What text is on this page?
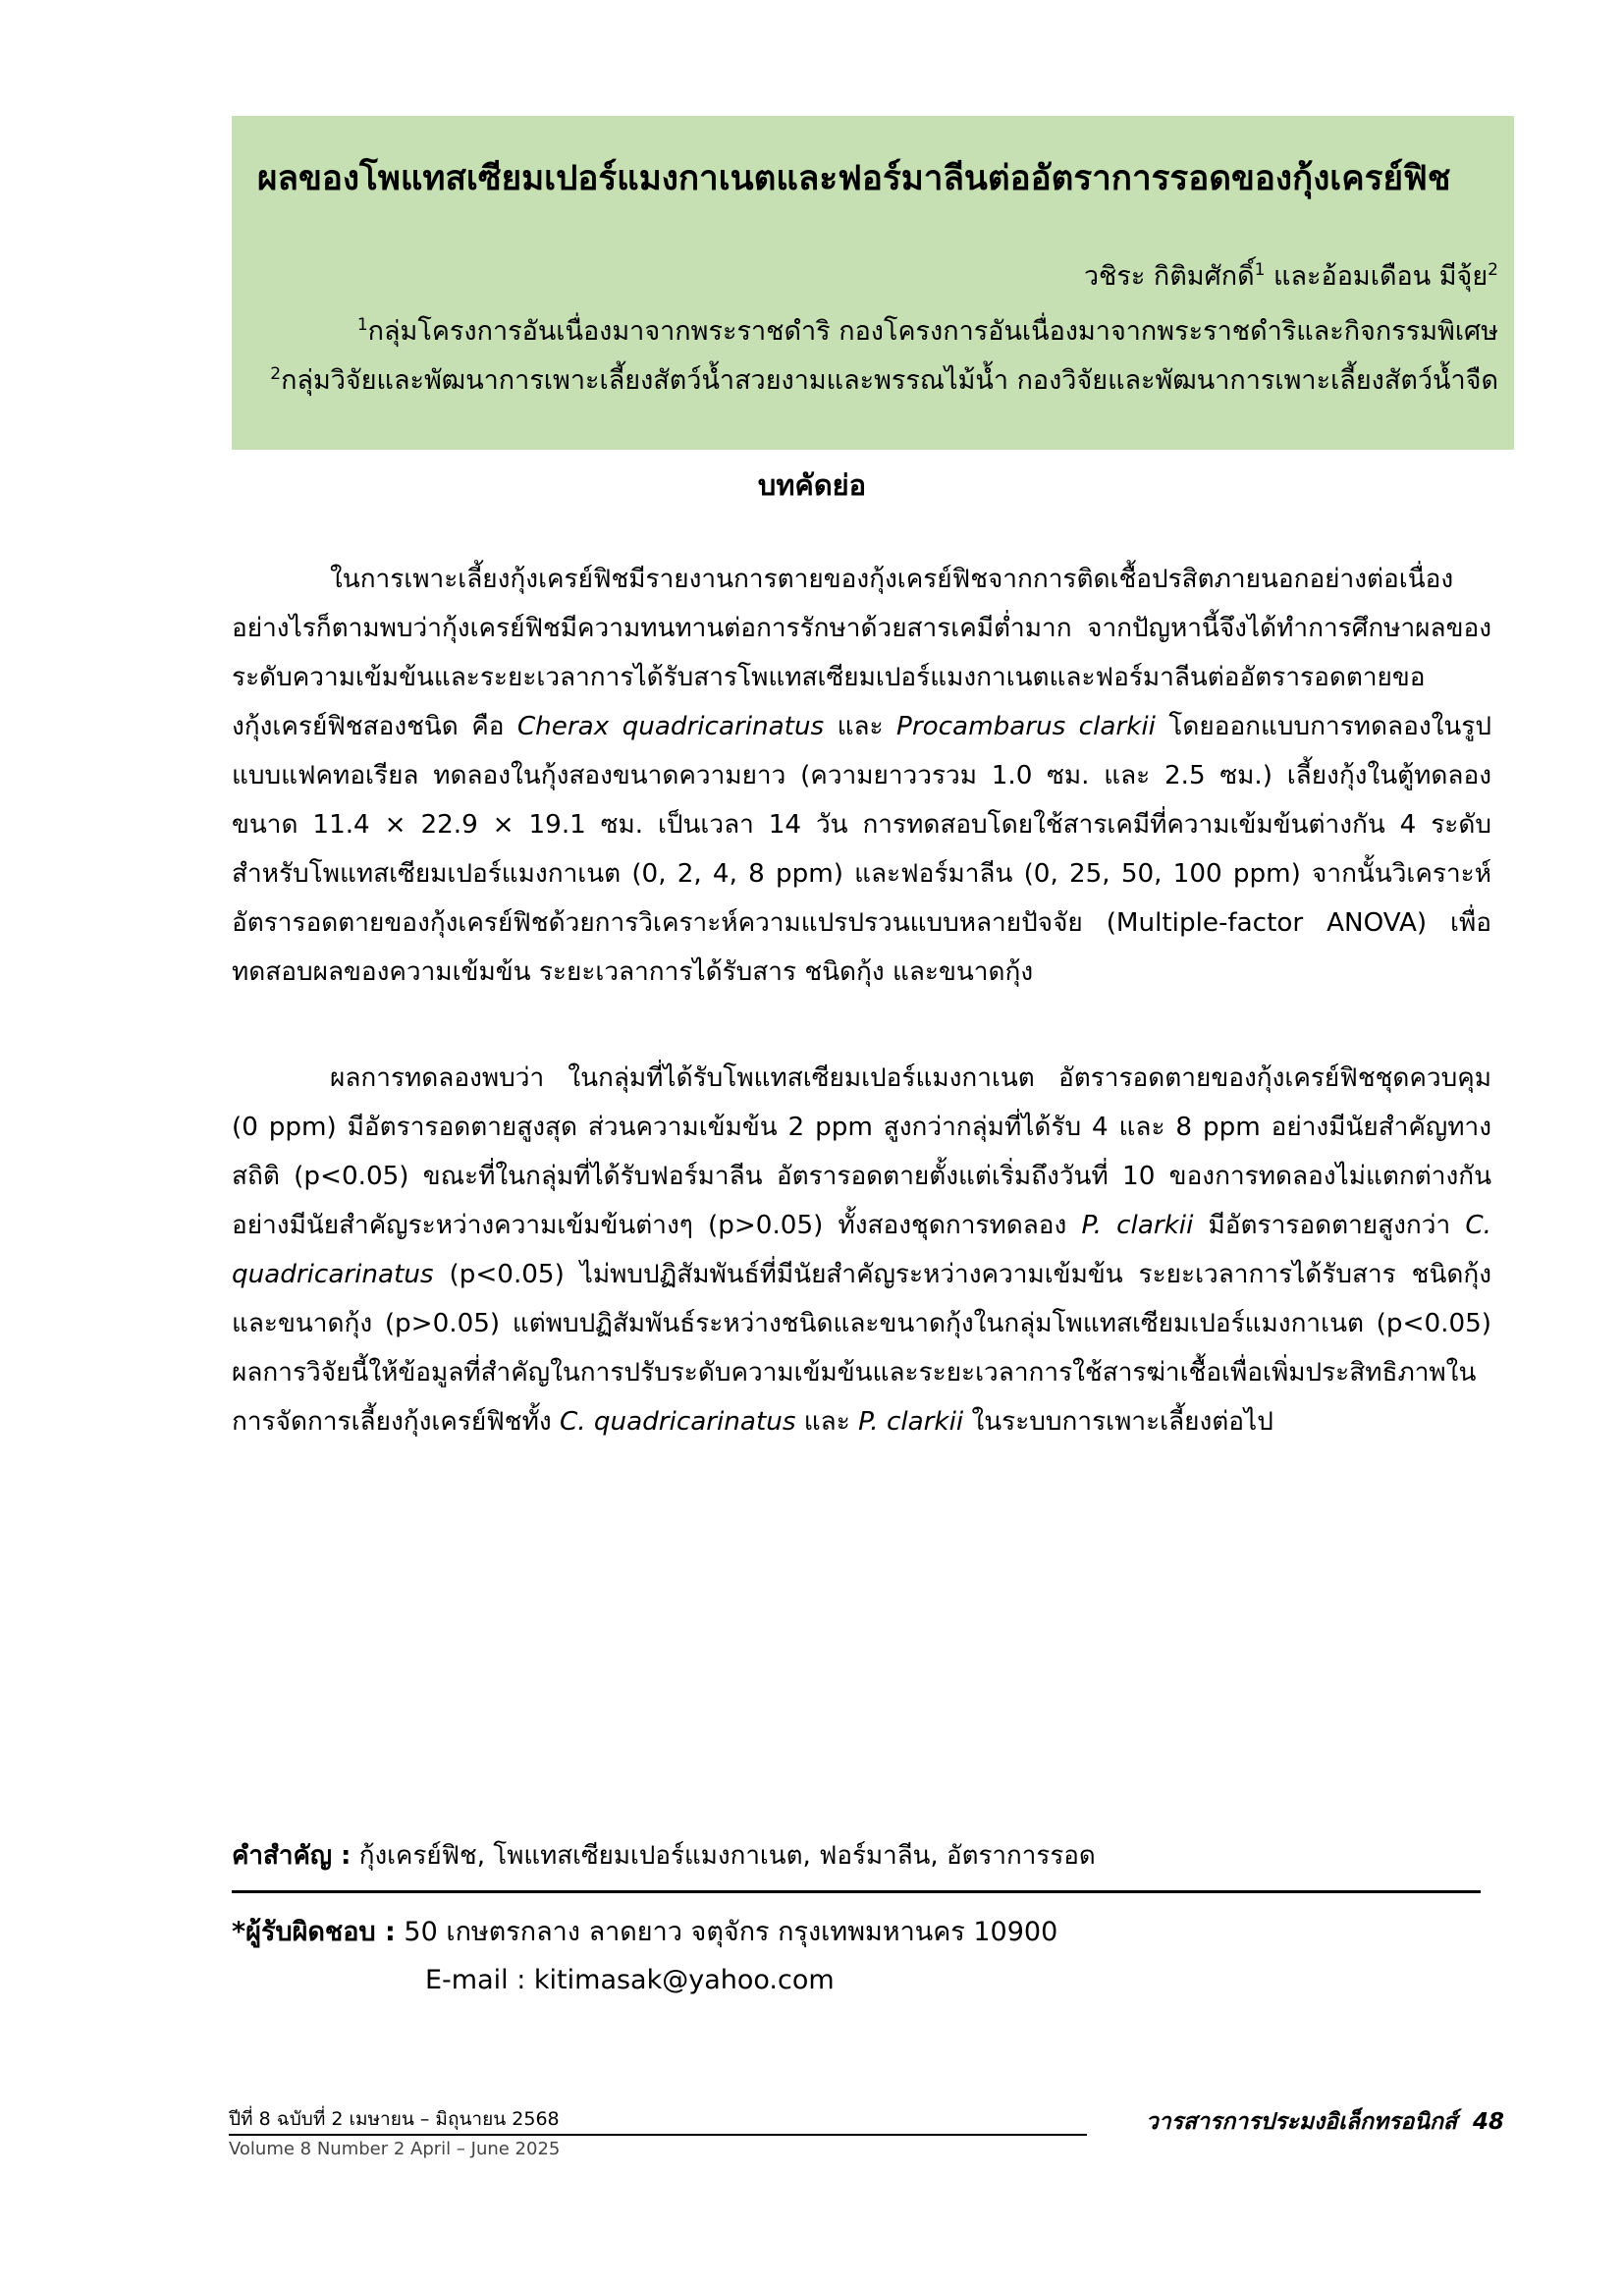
ผลของโพแทสเซียมเปอร์แมงกาเนตและฟอร์มาลีนต่ออัตราการรอดของกุ้งเครย์ฟิช
วชิระ กิติมศักดิ์$^1$ และอ้อมเดือน มีจุ้ย$^2$
$^1$กลุ่มโครงการอันเนื่องมาจากพระราชดำริ กองโครงการอันเนื่องมาจากพระราชดำริและกิจกรรมพิเศษ
$^2$กลุ่มวิจัยและพัฒนาการเพาะเลี้ยงสัตว์น้ำสวยงามและพรรณไม้น้ำ กองวิจัยและพัฒนาการเพาะเลี้ยงสัตว์น้ำจืด
บทคัดย่อ

ในการเพาะเลี้ยงกุ้งเครย์ฟิชมีรายงานการตายของกุ้งเครย์ฟิชจากการติดเชื้อปรสิตภายนอกอย่างต่อเนื่อง อย่างไรก็ตามพบว่ากุ้งเครย์ฟิชมีความทนทานต่อการรักษาด้วยสารเคมีต่ำมาก จากปัญหานี้จึงได้ทำการศึกษาผลของระดับความเข้มข้นและระยะเวลาการได้รับสารโพแทสเซียมเปอร์แมงกาเนตและฟอร์มาลีนต่ออัตรารอดตายของกุ้งเครย์ฟิชสองชนิด คือ Cherax quadricarinatus และ Procambarus clarkii โดยออกแบบการทดลองในรูปแบบแฟคทอเรียล ทดลองในกุ้งสองขนาดความยาว (ความยาววรวม 1.0 ซม. และ 2.5 ซม.) เลี้ยงกุ้งในตู้ทดลองขนาด 11.4 × 22.9 × 19.1 ซม. เป็นเวลา 14 วัน การทดสอบโดยใช้สารเคมีที่ความเข้มข้นต่างกัน 4 ระดับ สำหรับโพแทสเซียมเปอร์แมงกาเนต (0, 2, 4, 8 ppm) และฟอร์มาลีน (0, 25, 50, 100 ppm) จากนั้นวิเคราะห์อัตรารอดตายของกุ้งเครย์ฟิชด้วยการวิเคราะห์ความแปรปรวนแบบหลายปัจจัย (Multiple-factor ANOVA) เพื่อทดสอบผลของความเข้มข้น ระยะเวลาการได้รับสาร ชนิดกุ้ง และขนาดกุ้ง

ผลการทดลองพบว่า ในกลุ่มที่ได้รับโพแทสเซียมเปอร์แมงกาเนต อัตรารอดตายของกุ้งเครย์ฟิชชุดควบคุม (0 ppm) มีอัตรารอดตายสูงสุด ส่วนความเข้มข้น 2 ppm สูงกว่ากลุ่มที่ได้รับ 4 และ 8 ppm อย่างมีนัยสำคัญทางสถิติ (p<0.05) ขณะที่ในกลุ่มที่ได้รับฟอร์มาลีน อัตรารอดตายตั้งแต่เริ่มถึงวันที่ 10 ของการทดลองไม่แตกต่างกันอย่างมีนัยสำคัญระหว่างความเข้มข้นต่างๆ (p>0.05) ทั้งสองชุดการทดลอง P. clarkii มีอัตรารอดตายสูงกว่า C. quadricarinatus (p<0.05) ไม่พบปฏิสัมพันธ์ที่มีนัยสำคัญระหว่างความเข้มข้น ระยะเวลาการได้รับสาร ชนิดกุ้ง และขนาดกุ้ง (p>0.05) แต่พบปฏิสัมพันธ์ระหว่างชนิดและขนาดกุ้งในกลุ่มโพแทสเซียมเปอร์แมงกาเนต (p<0.05) ผลการวิจัยนี้ให้ข้อมูลที่สำคัญในการปรับระดับความเข้มข้นและระยะเวลาการใช้สารฆ่าเชื้อเพื่อเพิ่มประสิทธิภาพในการจัดการเลี้ยงกุ้งเครย์ฟิชทั้ง C. quadricarinatus และ P. clarkii ในระบบการเพาะเลี้ยงต่อไป

คำสำคัญ : กุ้งเครย์ฟิช, โพแทสเซียมเปอร์แมงกาเนต, ฟอร์มาลีน, อัตราการรอด
*ผู้รับผิดชอบ : 50 เกษตรกลาง ลาดยาว จตุจักร กรุงเทพมหานคร 10900
E-mail : kitimasak@yahoo.com
ปีที่ 8 ฉบับที่ 2 เมษายน – มิถุนายน 2568
Volume 8 Number 2 April – June 2025
วารสารการประมงอิเล็กทรอนิกส์ 48
